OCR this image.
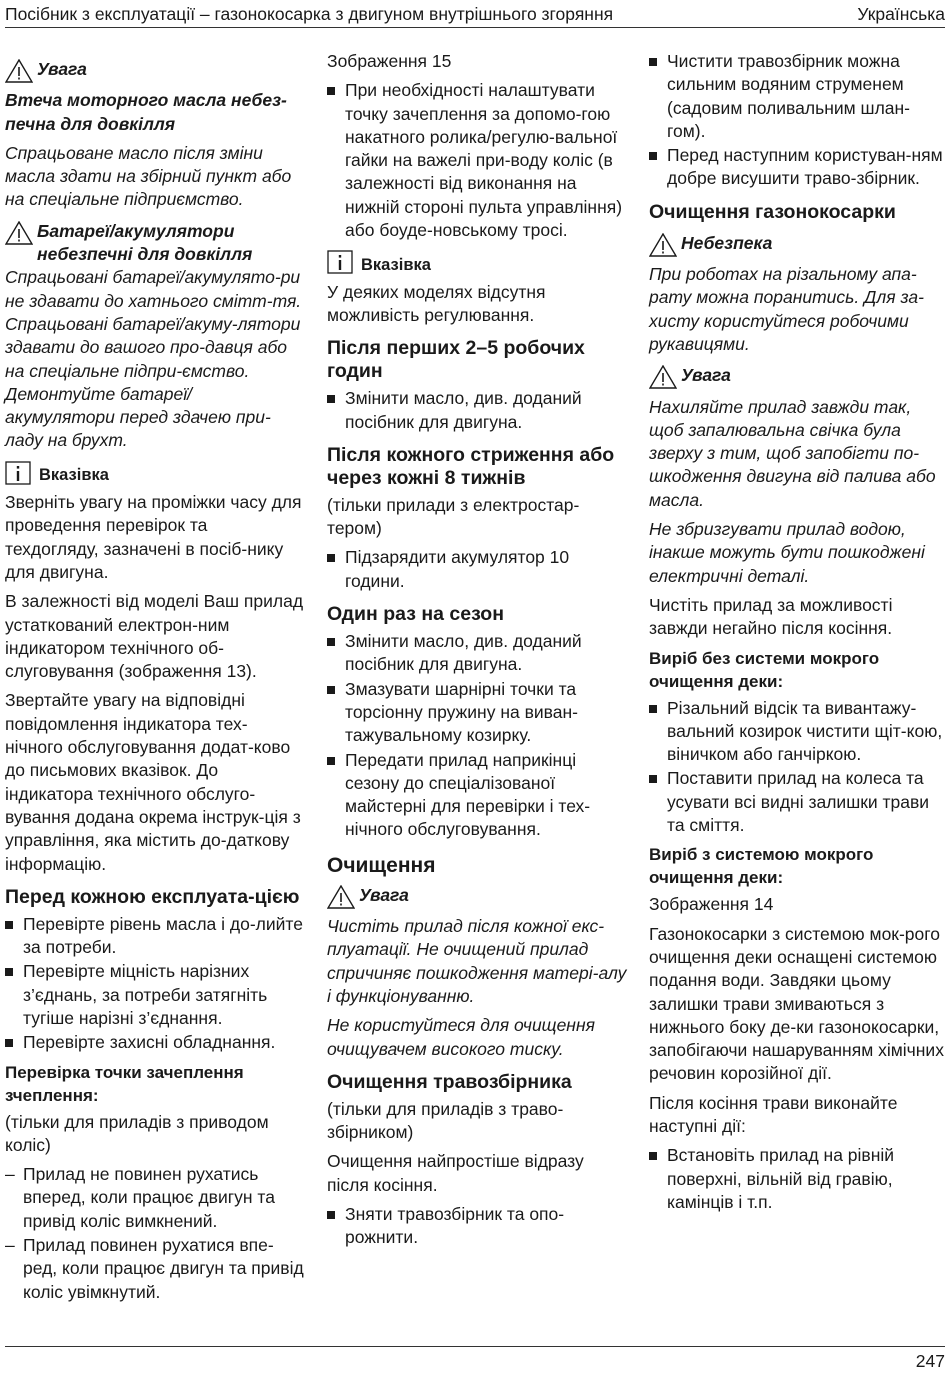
Посібник з експлуатації – газонокосарка з двигуном внутрішнього згоряння	Українська
Увага

Втеча моторного масла небез-печна для довкілля

Спрацьоване масло після зміни масла здати на збірний пункт або на спеціальне підприємство.

Батареї/акумулятори небезпечні для довкілля

Спрацьовані батареї/акумулято-ри не здавати до хатнього смітт-тя. Спрацьовані батареї/акуму-лятори здавати до вашого про-давця або на спеціальне підпри-ємство. Демонтуйте батареї/ акумулятори перед здачею при-ладу на брухт.

Вказівка

Зверніть увагу на проміжки часу для проведення перевірок та техдогляду, зазначені в посіб-нику для двигуна.

В залежності від моделі Ваш прилад устаткований електрон-ним індикатором технічного об-слуговування (зображення 13).

Звертайте увагу на відповідні повідомлення індикатора тех-нічного обслуговування додат-ково до письмових вказівок. До індикатора технічного обслуго-вування додана окрема інструк-ція з управління, яка містить до-даткову інформацію.

Перед кожною експлуата-цією
Перевірте рівень масла і до-лийте за потреби.
Перевірте міцність нарізних з’єднань, за потреби затягніть тугіше нарізні з’єднання.
Перевірте захисні обладнання.
Перевірка точки зачеплення зчеплення:

(тільки для приладів з приводом коліс)

– Прилад не повинен рухатись вперед, коли працює двигун та привід коліс вимкнений.
– Прилад повинен рухатися впе-ред, коли працює двигун та привід коліс увімкнутий.

Зображення 15

При необхідності налаштувати точку зачеплення за допомо-гою накатного ролика/регулю-вальної гайки на важелі при-воду коліс (в залежності від виконання на нижній стороні пульта управління) або боуде-новському тросі.
Вказівка

У деяких моделях відсутня можливість регулювання.

Після перших 2–5 робочих годин
Змінити масло, див. доданий посібник для двигуна.
Після кожного стриження або через кожні 8 тижнів

(тільки прилади з електростар-тером)

Підзарядити акумулятор 10 години.
Один раз на сезон
Змінити масло, див. доданий посібник для двигуна.
Змазувати шарнірні точки та торсіонну пружину на виван-тажувальному козирку.
Передати прилад наприкінці сезону до спеціалізованої майстерні для перевірки і тех-нічного обслуговування.
Очищення
Увага

Чистіть прилад після кожної екс-плуатації. Не очищений прилад спричиняє пошкодження матері-алу і функціонуванню.

Не користуйтеся для очищення очищувачем високого тиску.

Очищення травозбірника

(тільки для приладів з траво-збірником)

Очищення найпростіше відразу після косіння.

Зняти травозбірник та опо-рожнити.
Чистити травозбірник можна сильним водяним струменем (садовим поливальним шлан-гом).
Перед наступним користуван-ням добре висушити траво-збірник.
Очищення газонокосарки
Небезпека

При роботах на різальному апа-рату можна поранитись. Для за-хисту користуйтеся робочими рукавицями.

Увага

Нахиляйте прилад завжди так, щоб запалювальна свічка була зверху з тим, щоб запобігти по-шкодження двигуна від палива або масла.

Не збризгувати прилад водою, інакше можуть бути пошкоджені електричні деталі.

Чистіть прилад за можливості завжди негайно після косіння.

Виріб без системи мокрого очищення деки:
Різальний відсік та вивантажу-вальний козирок чистити щіт-кою, віничком або ганчіркою.
Поставити прилад на колеса та усувати всі видні залишки трави та сміття.
Виріб з системою мокрого очищення деки:

Зображення 14

Газонокосарки з системою мок-рого очищення деки оснащені системою подання води. Завдяки цьому залишки трави змиваються з нижнього боку де-ки газонокосарки, запобігаючи нашаруванням хімічних речовин корозійної дії.

Після косіння трави виконайте наступні дії:

Встановіть прилад на рівній поверхні, вільній від гравію, камінців і т.п.
247
